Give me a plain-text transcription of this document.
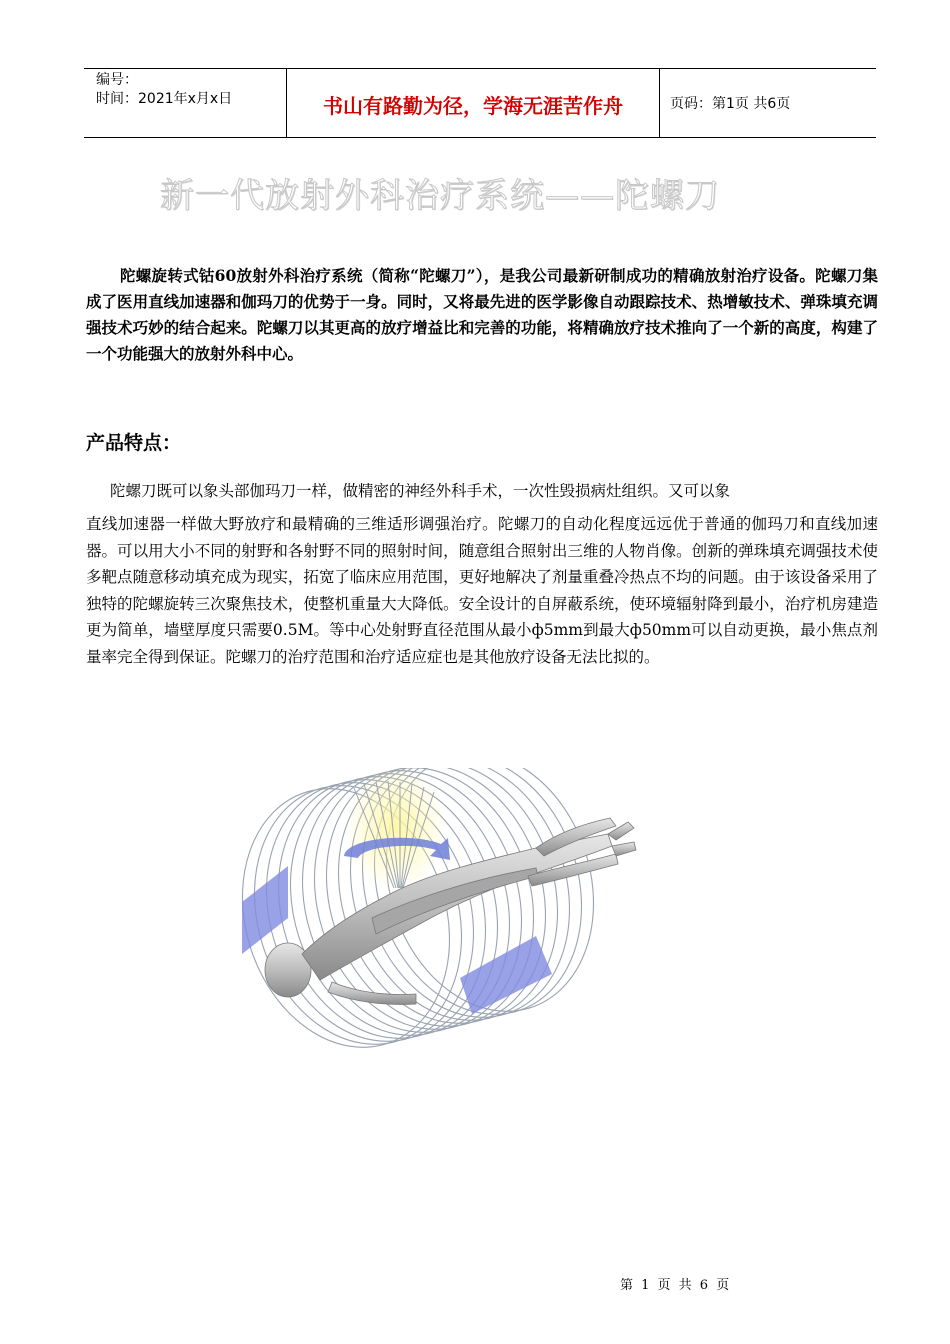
编号：
时间：2021年x月x日	书山有路勤为径，学海无涯苦作舟	页码：第1页 共6页
新一代放射外科治疗系统——陀螺刀

陀螺旋转式钴60放射外科治疗系统（简称“陀螺刀”），是我公司最新研制成功的精确放射治疗设备。陀螺刀集成了医用直线加速器和伽玛刀的优势于一身。同时，又将最先进的医学影像自动跟踪技术、热增敏技术、弹珠填充调强技术巧妙的结合起来。陀螺刀以其更高的放疗增益比和完善的功能，将精确放疗技术推向了一个新的高度，构建了一个功能强大的放射外科中心。

产品特点：

陀螺刀既可以象头部伽玛刀一样，做精密的神经外科手术，一次性毁损病灶组织。又可以象

直线加速器一样做大野放疗和最精确的三维适形调强治疗。陀螺刀的自动化程度远远优于普通的伽玛刀和直线加速器。可以用大小不同的射野和各射野不同的照射时间，随意组合照射出三维的人物肖像。创新的弹珠填充调强技术使多靶点随意移动填充成为现实，拓宽了临床应用范围，更好地解决了剂量重叠冷热点不均的问题。由于该设备采用了独特的陀螺旋转三次聚焦技术，使整机重量大大降低。安全设计的自屏蔽系统，使环境辐射降到最小，治疗机房建造更为简单，墙壁厚度只需要0.5M。等中心处射野直径范围从最小ф5mm到最大ф50mm可以自动更换，最小焦点剂量率完全得到保证。陀螺刀的治疗范围和治疗适应症也是其他放疗设备无法比拟的。

第 1 页 共 6 页
